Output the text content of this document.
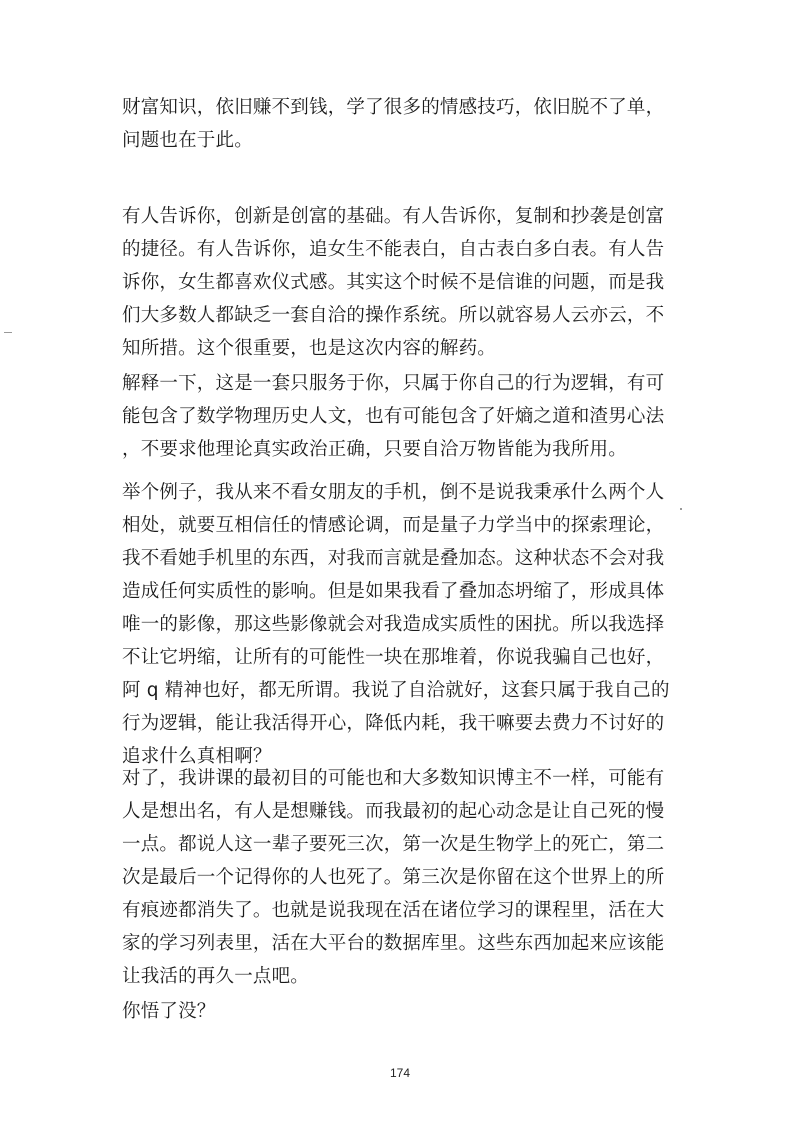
财富知识，依旧赚不到钱，学了很多的情感技巧，依旧脱不了单，
问题也在于此。

有人告诉你，创新是创富的基础。有人告诉你，复制和抄袭是创富
的捷径。有人告诉你，追女生不能表白，自古表白多白表。有人告
诉你，女生都喜欢仪式感。其实这个时候不是信谁的问题，而是我
们大多数人都缺乏一套自洽的操作系统。所以就容易人云亦云，不
知所措。这个很重要，也是这次内容的解药。

解释一下，这是一套只服务于你，只属于你自己的行为逻辑，有可
能包含了数学物理历史人文，也有可能包含了奸熵之道和渣男心法
，不要求他理论真实政治正确，只要自洽万物皆能为我所用。

举个例子，我从来不看女朋友的手机，倒不是说我秉承什么两个人
相处，就要互相信任的情感论调，而是量子力学当中的探索理论，
我不看她手机里的东西，对我而言就是叠加态。这种状态不会对我
造成任何实质性的影响。但是如果我看了叠加态坍缩了，形成具体
唯一的影像，那这些影像就会对我造成实质性的困扰。所以我选择
不让它坍缩，让所有的可能性一块在那堆着，你说我骗自己也好，
阿 q 精神也好，都无所谓。我说了自洽就好，这套只属于我自己的
行为逻辑，能让我活得开心，降低内耗，我干嘛要去费力不讨好的
追求什么真相啊？

对了，我讲课的最初目的可能也和大多数知识博主不一样，可能有
人是想出名，有人是想赚钱。而我最初的起心动念是让自己死的慢
一点。都说人这一辈子要死三次，第一次是生物学上的死亡，第二
次是最后一个记得你的人也死了。第三次是你留在这个世界上的所
有痕迹都消失了。也就是说我现在活在诸位学习的课程里，活在大
家的学习列表里，活在大平台的数据库里。这些东西加起来应该能
让我活的再久一点吧。

你悟了没？

174
